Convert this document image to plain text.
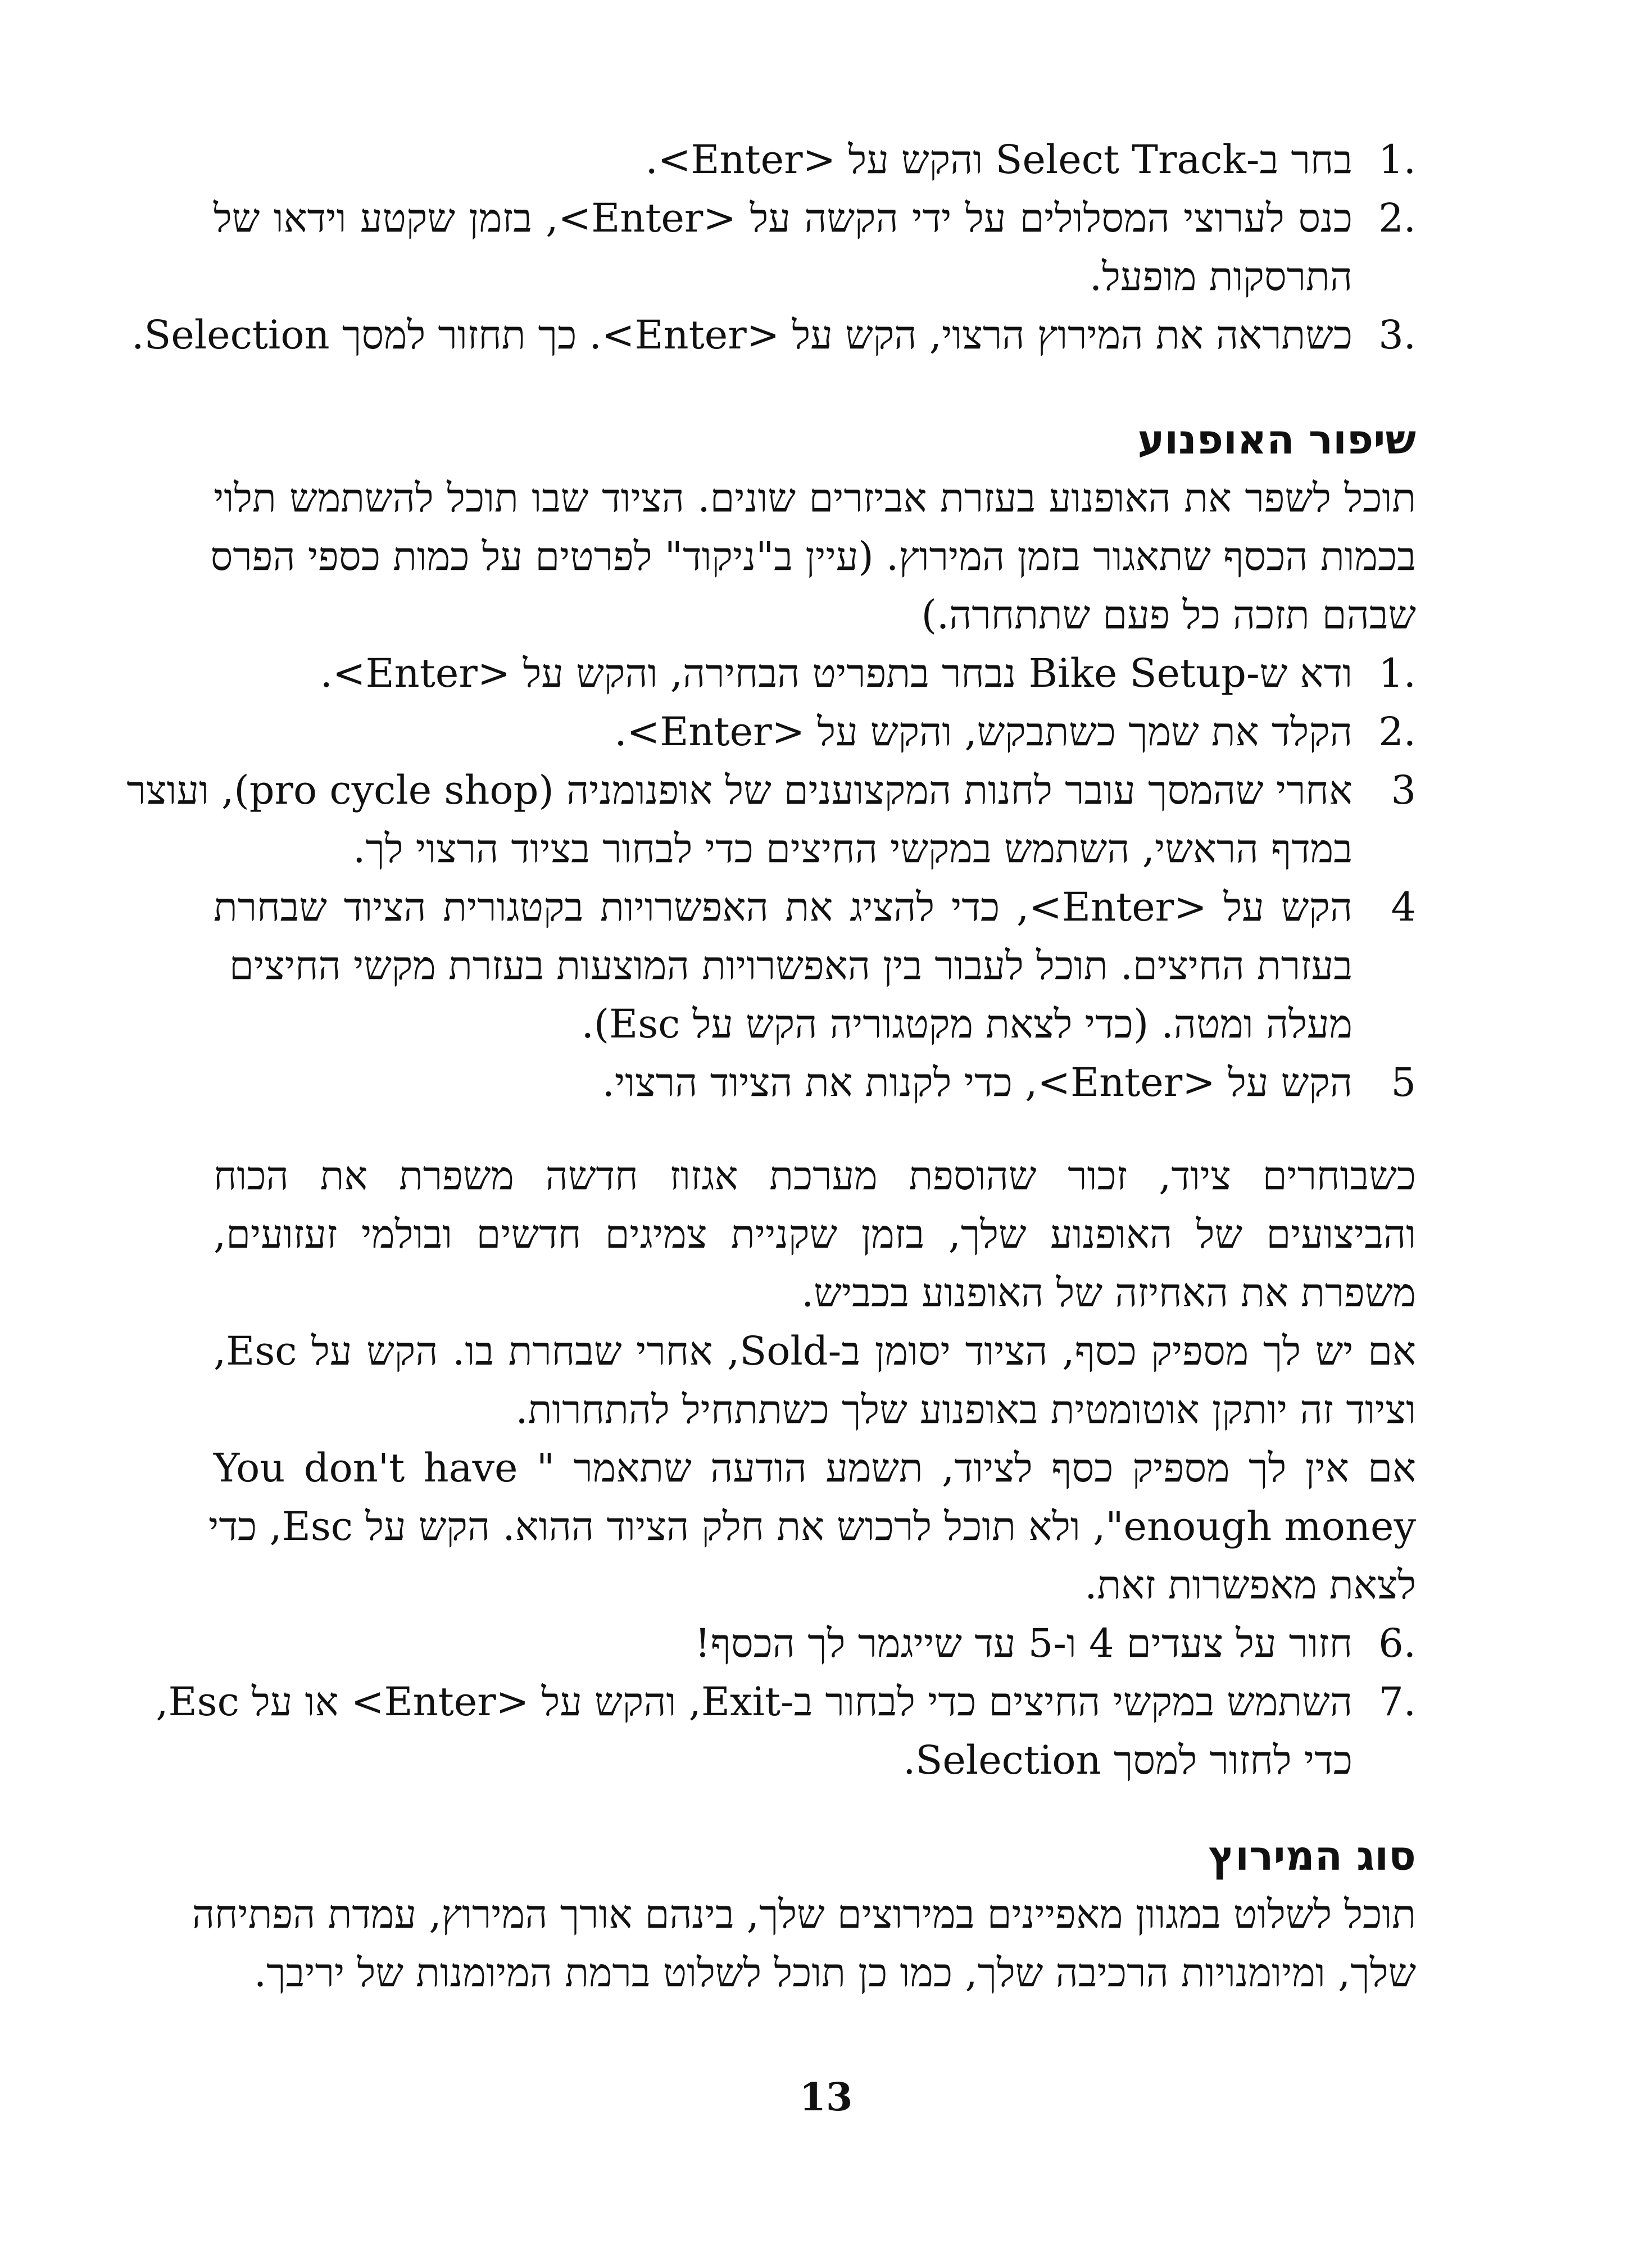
.1בחר ב-Select Track והקש על <Enter>.
.2כנס לערוצי המסלולים על ידי הקשה על <Enter>, בזמן שקטע וידאו של
התרסקות מופעל.
.3כשתראה את המירוץ הרצוי, הקש על <Enter>. כך תחזור למסך Selection.
שיפור האופנוע
תוכל לשפר את האופנוע בעזרת אביזרים שונים. הציוד שבו תוכל להשתמש תלוי
בכמות הכסף שתאגור בזמן המירוץ. (עיין ב"ניקוד" לפרטים על כמות כספי הפרס
שבהם תזכה כל פעם שתתחרה.)
.1ודא ש-Bike Setup נבחר בתפריט הבחירה, והקש על <Enter>.
.2הקלד את שמך כשתבקש, והקש על <Enter>.
3אחרי שהמסך עובר לחנות המקצוענים של אופנומניה (pro cycle shop), ועוצר
במדף הראשי, השתמש במקשי החיצים כדי לבחור בציוד הרצוי לך.
4הקש על <Enter>, כדי להציג את האפשרויות בקטגורית הציוד שבחרת
בעזרת החיצים. תוכל לעבור בין האפשרויות המוצעות בעזרת מקשי החיצים
מעלה ומטה. (כדי לצאת מקטגוריה הקש על Esc).
5הקש על <Enter>, כדי לקנות את הציוד הרצוי.
כשבוחרים ציוד, זכור שהוספת מערכת אגזוז חדשה משפרת את הכוח
והביצועים של האופנוע שלך, בזמן שקניית צמיגים חדשים ובולמי זעזועים,
משפרת את האחיזה של האופנוע בכביש.
אם יש לך מספיק כסף, הציוד יסומן ב-Sold, אחרי שבחרת בו. הקש על Esc,
וציוד זה יותקן אוטומטית באופנוע שלך כשתתחיל להתחרות.
אם אין לך מספיק כסף לציוד, תשמע הודעה שתאמר " You don't have
enough money", ולא תוכל לרכוש את חלק הציוד ההוא. הקש על Esc, כדי
לצאת מאפשרות זאת.
.6חזור על צעדים 4 ו-5 עד שייגמר לך הכסף!
.7השתמש במקשי החיצים כדי לבחור ב-Exit, והקש על <Enter> או על Esc,
כדי לחזור למסך Selection.
סוג המירוץ
תוכל לשלוט במגוון מאפיינים במירוצים שלך, בינהם אורך המירוץ, עמדת הפתיחה
שלך, ומיומנויות הרכיבה שלך, כמו כן תוכל לשלוט ברמת המיומנות של יריבך.
13
